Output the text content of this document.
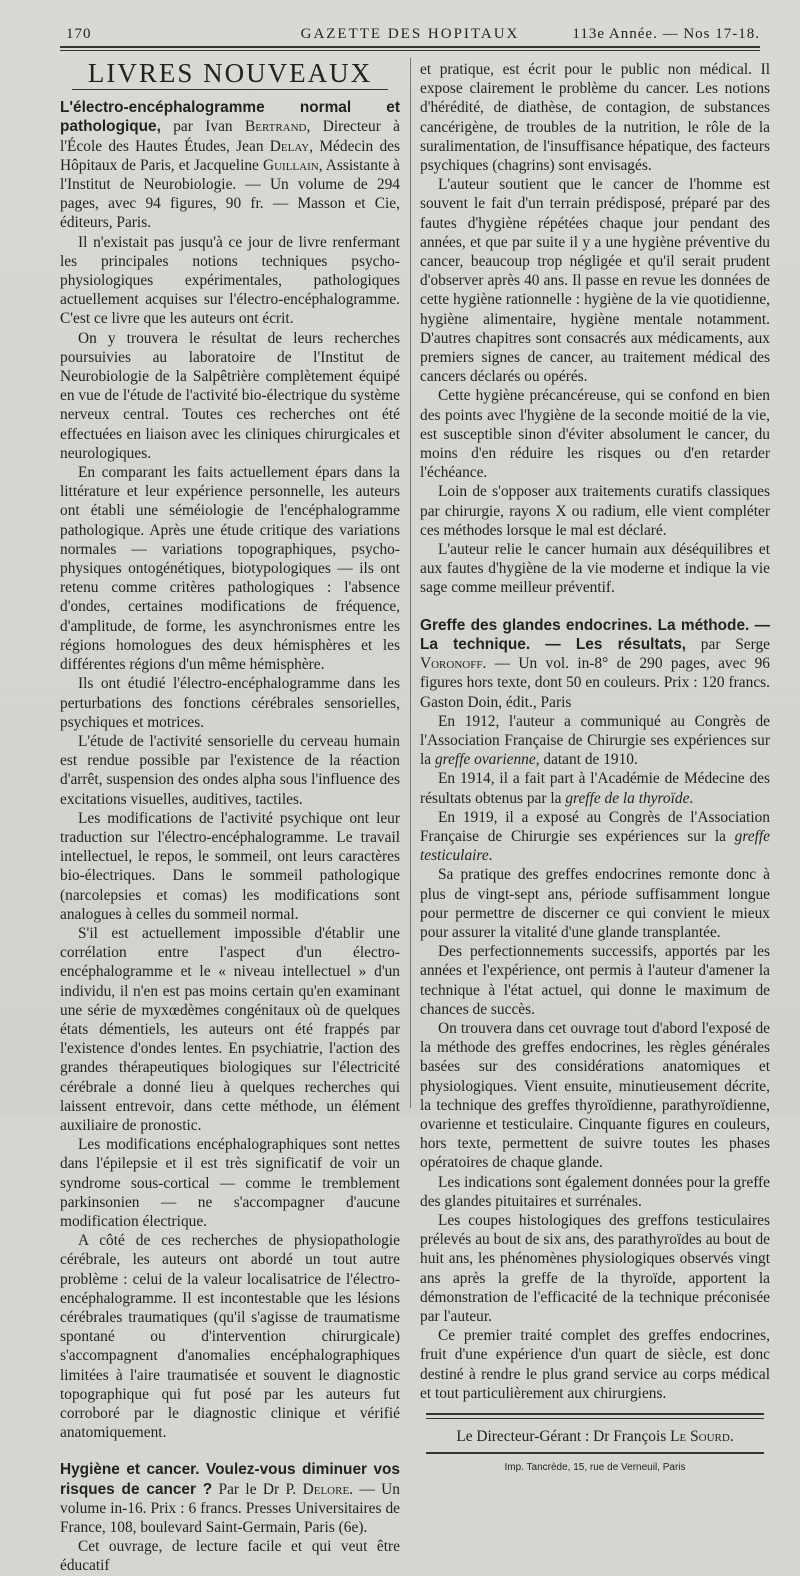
170	GAZETTE DES HOPITAUX	113e Année. — Nos 17-18.
LIVRES NOUVEAUX

L'électro-encéphalogramme normal et pathologique, par Ivan Bertrand, Directeur à l'École des Hautes Études, Jean Delay, Médecin des Hôpitaux de Paris, et Jacqueline Guillain, Assistante à l'Institut de Neurobiologie. — Un volume de 294 pages, avec 94 figures, 90 fr. — Masson et Cie, éditeurs, Paris.

Il n'existait pas jusqu'à ce jour de livre renfermant les principales notions techniques psycho-physiologiques expérimentales, pathologiques actuellement acquises sur l'électro-encéphalogramme. C'est ce livre que les auteurs ont écrit.

On y trouvera le résultat de leurs recherches poursuivies au laboratoire de l'Institut de Neurobiologie de la Salpêtrière complètement équipé en vue de l'étude de l'activité bio-électrique du système nerveux central. Toutes ces recherches ont été effectuées en liaison avec les cliniques chirurgicales et neurologiques.

En comparant les faits actuellement épars dans la littérature et leur expérience personnelle, les auteurs ont établi une séméiologie de l'encéphalogramme pathologique. Après une étude critique des variations normales — variations topographiques, psycho-physiques ontogénétiques, biotypologiques — ils ont retenu comme critères pathologiques : l'absence d'ondes, certaines modifications de fréquence, d'amplitude, de forme, les asynchronismes entre les régions homologues des deux hémisphères et les différentes régions d'un même hémisphère.

Ils ont étudié l'électro-encéphalogramme dans les perturbations des fonctions cérébrales sensorielles, psychiques et motrices.

L'étude de l'activité sensorielle du cerveau humain est rendue possible par l'existence de la réaction d'arrêt, suspension des ondes alpha sous l'influence des excitations visuelles, auditives, tactiles.

Les modifications de l'activité psychique ont leur traduction sur l'électro-encéphalogramme. Le travail intellectuel, le repos, le sommeil, ont leurs caractères bio-électriques. Dans le sommeil pathologique (narcolepsies et comas) les modifications sont analogues à celles du sommeil normal.

S'il est actuellement impossible d'établir une corrélation entre l'aspect d'un électro-encéphalogramme et le « niveau intellectuel » d'un individu, il n'en est pas moins certain qu'en examinant une série de myxœdèmes congénitaux où de quelques états démentiels, les auteurs ont été frappés par l'existence d'ondes lentes. En psychiatrie, l'action des grandes thérapeutiques biologiques sur l'électricité cérébrale a donné lieu à quelques recherches qui laissent entrevoir, dans cette méthode, un élément auxiliaire de pronostic.

Les modifications encéphalographiques sont nettes dans l'épilepsie et il est très significatif de voir un syndrome sous-cortical — comme le tremblement parkinsonien — ne s'accompagner d'aucune modification électrique.

A côté de ces recherches de physiopathologie cérébrale, les auteurs ont abordé un tout autre problème : celui de la valeur localisatrice de l'électro-encéphalogramme. Il est incontestable que les lésions cérébrales traumatiques (qu'il s'agisse de traumatisme spontané ou d'intervention chirurgicale) s'accompagnent d'anomalies encéphalographiques limitées à l'aire traumatisée et souvent le diagnostic topographique qui fut posé par les auteurs fut corroboré par le diagnostic clinique et vérifié anatomiquement.

Hygiène et cancer. Voulez-vous diminuer vos risques de cancer ? Par le Dr P. Delore. — Un volume in-16. Prix : 6 francs. Presses Universitaires de France, 108, boulevard Saint-Germain, Paris (6e).

Cet ouvrage, de lecture facile et qui veut être éducatif

et pratique, est écrit pour le public non médical. Il expose clairement le problème du cancer. Les notions d'hérédité, de diathèse, de contagion, de substances cancérigène, de troubles de la nutrition, le rôle de la suralimentation, de l'insuffisance hépatique, des facteurs psychiques (chagrins) sont envisagés.

L'auteur soutient que le cancer de l'homme est souvent le fait d'un terrain prédisposé, préparé par des fautes d'hygiène répétées chaque jour pendant des années, et que par suite il y a une hygiène préventive du cancer, beaucoup trop négligée et qu'il serait prudent d'observer après 40 ans. Il passe en revue les données de cette hygiène rationnelle : hygiène de la vie quotidienne, hygiène alimentaire, hygiène mentale notamment. D'autres chapitres sont consacrés aux médicaments, aux premiers signes de cancer, au traitement médical des cancers déclarés ou opérés.

Cette hygiène précancéreuse, qui se confond en bien des points avec l'hygiène de la seconde moitié de la vie, est susceptible sinon d'éviter absolument le cancer, du moins d'en réduire les risques ou d'en retarder l'échéance.

Loin de s'opposer aux traitements curatifs classiques par chirurgie, rayons X ou radium, elle vient compléter ces méthodes lorsque le mal est déclaré.

L'auteur relie le cancer humain aux déséquilibres et aux fautes d'hygiène de la vie moderne et indique la vie sage comme meilleur préventif.

Greffe des glandes endocrines. La méthode. — La technique. — Les résultats, par Serge Voronoff. — Un vol. in-8° de 290 pages, avec 96 figures hors texte, dont 50 en couleurs. Prix : 120 francs. Gaston Doin, édit., Paris

En 1912, l'auteur a communiqué au Congrès de l'Association Française de Chirurgie ses expériences sur la greffe ovarienne, datant de 1910.

En 1914, il a fait part à l'Académie de Médecine des résultats obtenus par la greffe de la thyroïde.

En 1919, il a exposé au Congrès de l'Association Française de Chirurgie ses expériences sur la greffe testiculaire.

Sa pratique des greffes endocrines remonte donc à plus de vingt-sept ans, période suffisamment longue pour permettre de discerner ce qui convient le mieux pour assurer la vitalité d'une glande transplantée.

Des perfectionnements successifs, apportés par les années et l'expérience, ont permis à l'auteur d'amener la technique à l'état actuel, qui donne le maximum de chances de succès.

On trouvera dans cet ouvrage tout d'abord l'exposé de la méthode des greffes endocrines, les règles générales basées sur des considérations anatomiques et physiologiques. Vient ensuite, minutieusement décrite, la technique des greffes thyroïdienne, parathyroïdienne, ovarienne et testiculaire. Cinquante figures en couleurs, hors texte, permettent de suivre toutes les phases opératoires de chaque glande.

Les indications sont également données pour la greffe des glandes pituitaires et surrénales.

Les coupes histologiques des greffons testiculaires prélevés au bout de six ans, des parathyroïdes au bout de huit ans, les phénomènes physiologiques observés vingt ans après la greffe de la thyroïde, apportent la démonstration de l'efficacité de la technique préconisée par l'auteur.

Ce premier traité complet des greffes endocrines, fruit d'une expérience d'un quart de siècle, est donc destiné à rendre le plus grand service au corps médical et tout particulièrement aux chirurgiens.

Le Directeur-Gérant : Dr François Le Sourd.
Imp. Tancrède, 15, rue de Verneuil, Paris
